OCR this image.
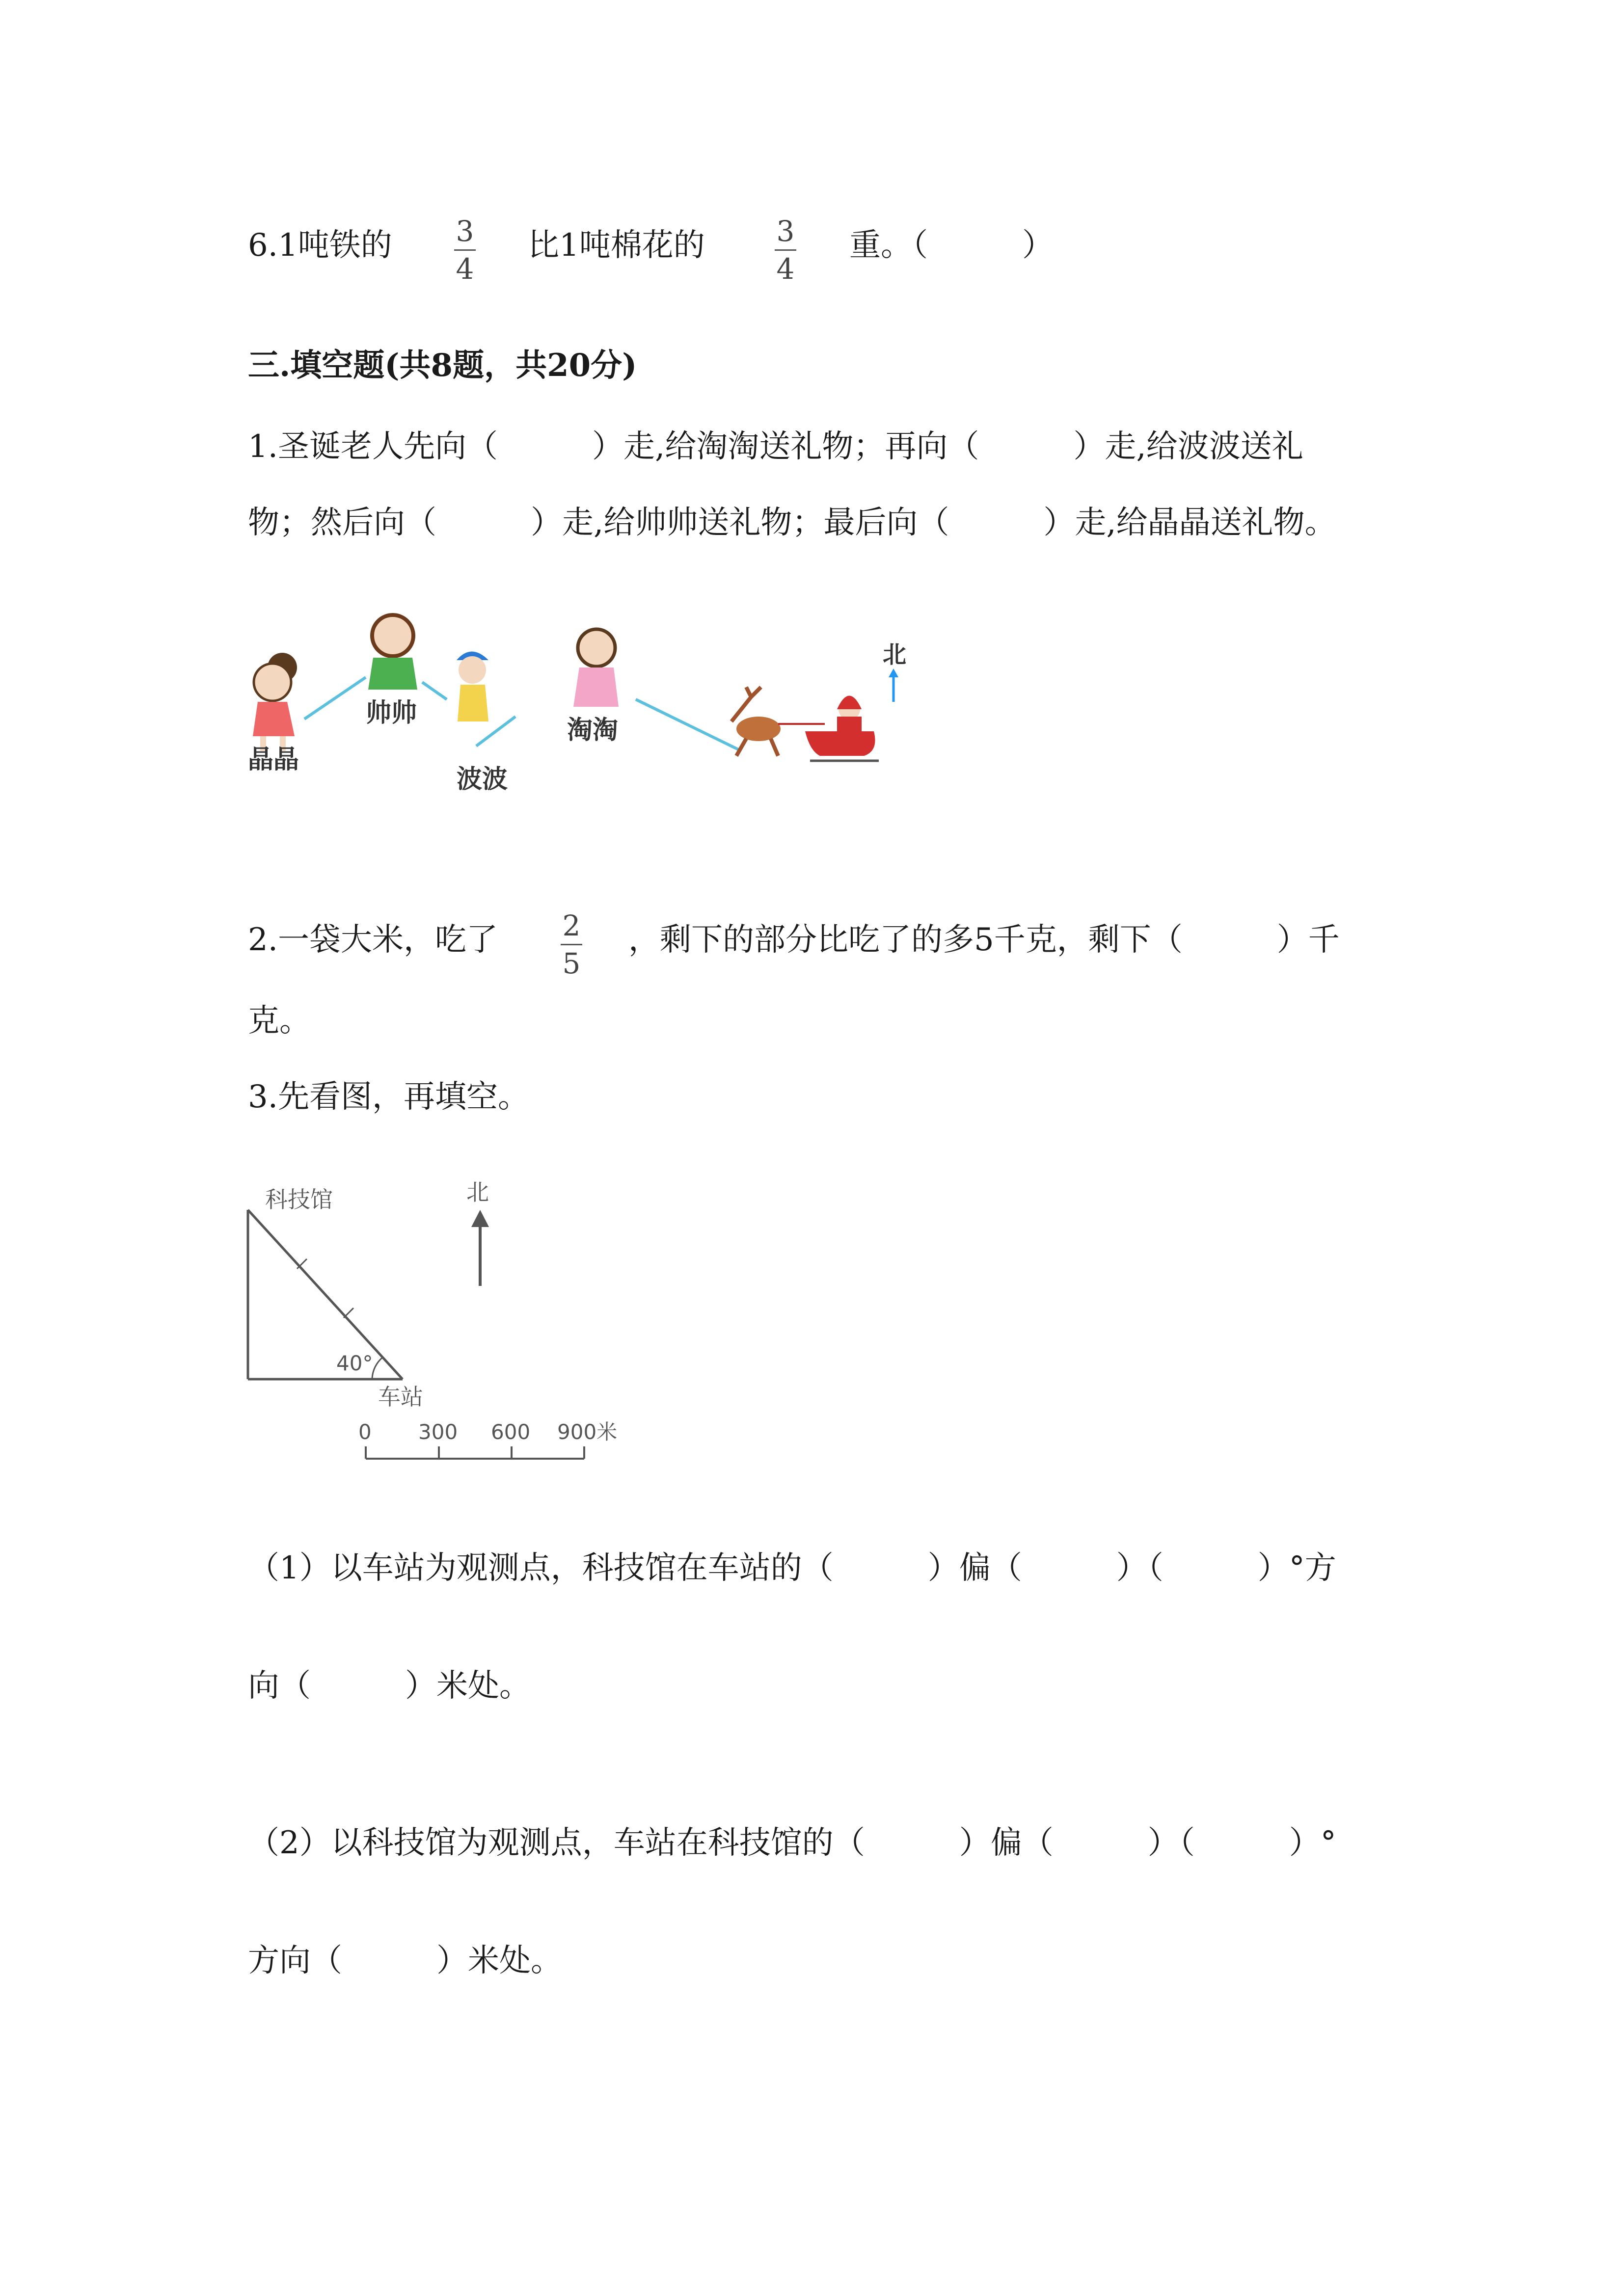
6.1吨铁的 3
4
比1吨棉花的	3
4
重。（　　　）
三.填空题(共8题，共20分)
1.圣诞老人先向（　　　）走,给淘淘送礼物；再向（　　　）走,给波波送礼
物；然后向（　　　）走,给帅帅送礼物；最后向（　　　）走,给晶晶送礼物。
晶晶
帅帅
波波
淘淘
北
2.一袋大米，吃了 2
5
，剩下的部分比吃了的多5千克，剩下（　　　）千
克。
3.先看图，再填空。
科技馆
40°
车站
北
0 300 600 900米
（1）以车站为观测点，科技馆在车站的（　　　）偏（　　　）（　　　）°方
向（　　　）米处。
（2）以科技馆为观测点，车站在科技馆的（　　　）偏（　　　）（　　　）°
方向（　　　）米处。
